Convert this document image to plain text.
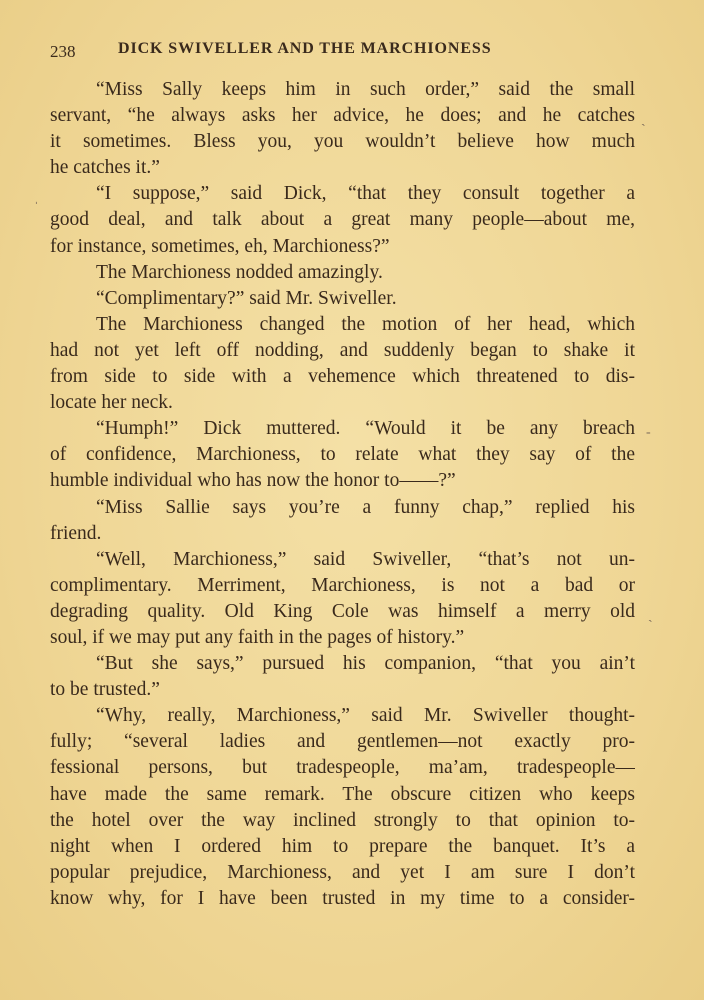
238	DICK SWIVELLER AND THE MARCHIONESS
“Miss Sally keeps him in such order,” said the small
servant, “he always asks her advice, he does; and he catches
it sometimes. Bless you, you wouldn’t believe how much
he catches it.”
“I suppose,” said Dick, “that they consult together a
good deal, and talk about a great many people—about me,
for instance, sometimes, eh, Marchioness?”
The Marchioness nodded amazingly.
“Complimentary?” said Mr. Swiveller.
The Marchioness changed the motion of her head, which
had not yet left off nodding, and suddenly began to shake it
from side to side with a vehemence which threatened to dis-
locate her neck.
“Humph!” Dick muttered. “Would it be any breach
of confidence, Marchioness, to relate what they say of the
humble individual who has now the honor to——?”
“Miss Sallie says you’re a funny chap,” replied his
friend.
“Well, Marchioness,” said Swiveller, “that’s not un-
complimentary. Merriment, Marchioness, is not a bad or
degrading quality. Old King Cole was himself a merry old
soul, if we may put any faith in the pages of history.”
“But she says,” pursued his companion, “that you ain’t
to be trusted.”
“Why, really, Marchioness,” said Mr. Swiveller thought-
fully; “several ladies and gentlemen—not exactly pro-
fessional persons, but tradespeople, ma’am, tradespeople—
have made the same remark. The obscure citizen who keeps
the hotel over the way inclined strongly to that opinion to-
night when I ordered him to prepare the banquet. It’s a
popular prejudice, Marchioness, and yet I am sure I don’t
know why, for I have been trusted in my time to a consider-
ˏ
ˌ
-
ˏ
